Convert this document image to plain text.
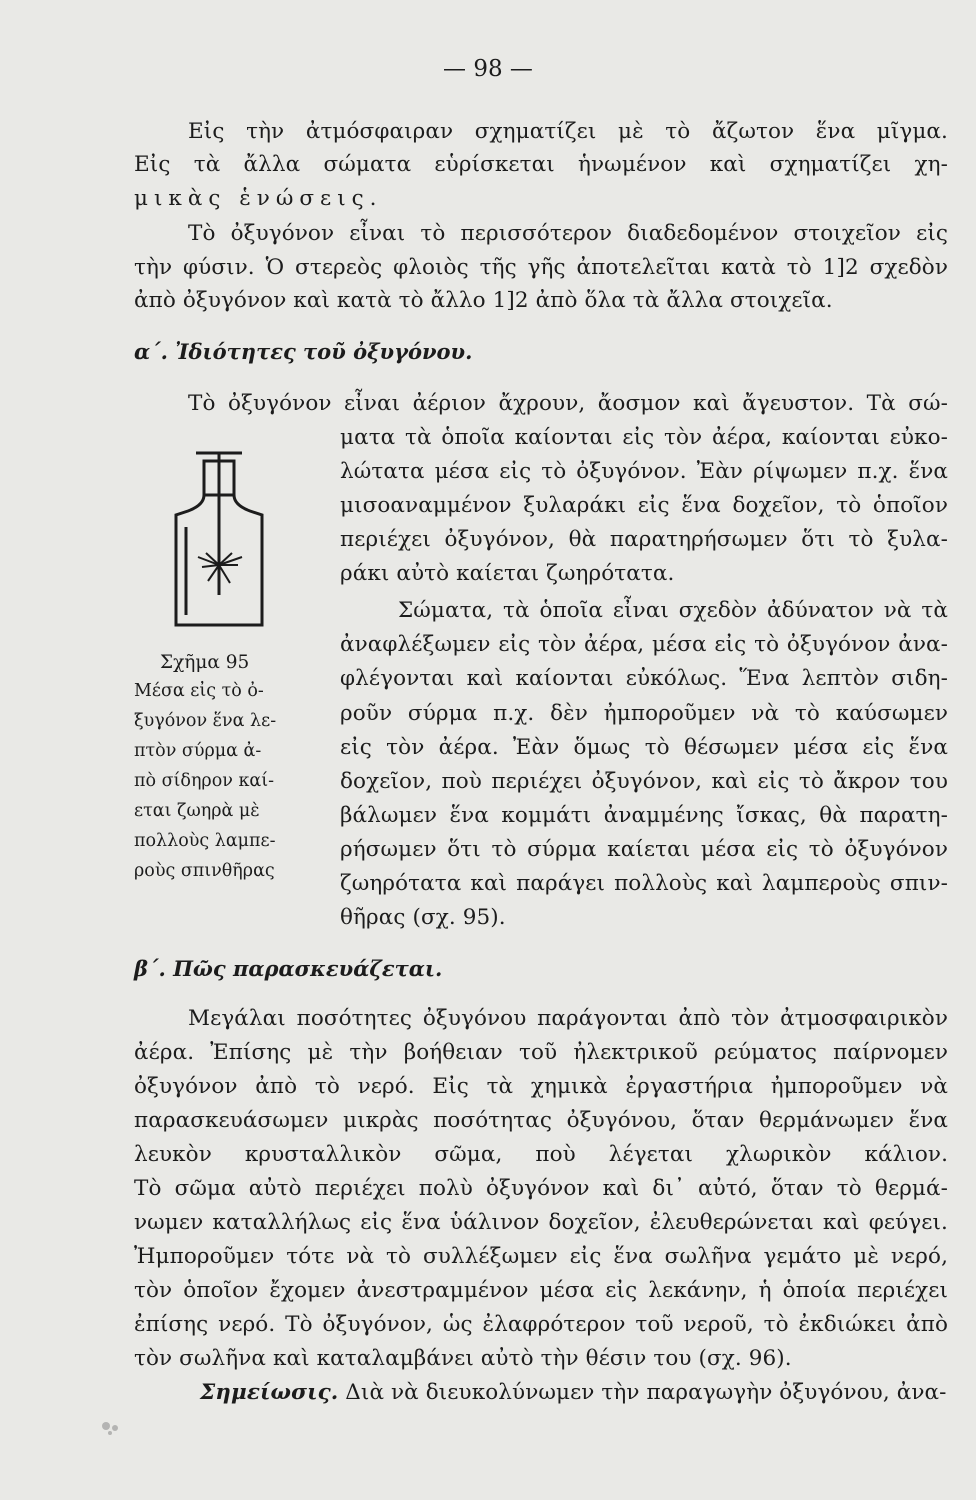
— 98 —
Εἰς τὴν ἀτμόσφαιραν σχηματίζει μὲ τὸ ἄζωτον ἕνα μῖγμα.
Εἰς τὰ ἄλλα σώματα εὑρίσκεται ἡνωμένον καὶ σχηματίζει χη-
μικὰς ἑνώσεις.
Τὸ ὀξυγόνον εἶναι τὸ περισσότερον διαδεδομένον στοιχεῖον εἰς
τὴν φύσιν. Ὁ στερεὸς φλοιὸς τῆς γῆς ἀποτελεῖται κατὰ τὸ 1]2 σχεδὸν
ἀπὸ ὀξυγόνον καὶ κατὰ τὸ ἄλλο 1]2 ἀπὸ ὅλα τὰ ἄλλα στοιχεῖα.
α΄. Ἰδιότητες τοῦ ὀξυγόνου.
Τὸ ὀξυγόνον εἶναι ἀέριον ἄχρουν, ἄοσμον καὶ ἄγευστον. Τὰ σώ-
ματα τὰ ὁποῖα καίονται εἰς τὸν ἀέρα, καίονται εὐκο-
λώτατα μέσα εἰς τὸ ὀξυγόνον. Ἐὰν ρίψωμεν π.χ. ἕνα
μισοαναμμένον ξυλαράκι εἰς ἕνα δοχεῖον, τὸ ὁποῖον
περιέχει ὀξυγόνον, θὰ παρατηρήσωμεν ὅτι τὸ ξυλα-
ράκι αὐτὸ καίεται ζωηρότατα.
Σώματα, τὰ ὁποῖα εἶναι σχεδὸν ἀδύνατον νὰ τὰ
ἀναφλέξωμεν εἰς τὸν ἀέρα, μέσα εἰς τὸ ὀξυγόνον ἀνα-
φλέγονται καὶ καίονται εὐκόλως. Ἕνα λεπτὸν σιδη-
ροῦν σύρμα π.χ. δὲν ἠμποροῦμεν νὰ τὸ καύσωμεν
εἰς τὸν ἀέρα. Ἐὰν ὅμως τὸ θέσωμεν μέσα εἰς ἕνα
δοχεῖον, ποὺ περιέχει ὀξυγόνον, καὶ εἰς τὸ ἄκρον του
βάλωμεν ἕνα κομμάτι ἀναμμένης ἴσκας, θὰ παρατη-
ρήσωμεν ὅτι τὸ σύρμα καίεται μέσα εἰς τὸ ὀξυγόνον
ζωηρότατα καὶ παράγει πολλοὺς καὶ λαμπεροὺς σπιν-
θῆρας (σχ. 95).
Σχῆμα 95
Μέσα εἰς τὸ ὀ-
ξυγόνον ἕνα λε-
πτὸν σύρμα ἀ-
πὸ σίδηρον καί-
εται ζωηρὰ μὲ
πολλοὺς λαμπε-
ροὺς σπινθῆρας
β΄. Πῶς παρασκευάζεται.
Μεγάλαι ποσότητες ὀξυγόνου παράγονται ἀπὸ τὸν ἀτμοσφαιρικὸν
ἀέρα. Ἐπίσης μὲ τὴν βοήθειαν τοῦ ἠλεκτρικοῦ ρεύματος παίρνομεν
ὀξυγόνον ἀπὸ τὸ νερό. Εἰς τὰ χημικὰ ἐργαστήρια ἠμποροῦμεν νὰ
παρασκευάσωμεν μικρὰς ποσότητας ὀξυγόνου, ὅταν θερμάνωμεν ἕνα
λευκὸν κρυσταλλικὸν σῶμα, ποὺ λέγεται χλωρικὸν κάλιον.
Τὸ σῶμα αὐτὸ περιέχει πολὺ ὀξυγόνον καὶ δι᾿ αὐτό, ὅταν τὸ θερμά-
νωμεν καταλλήλως εἰς ἕνα ὑάλινον δοχεῖον, ἐλευθερώνεται καὶ φεύγει.
Ἠμποροῦμεν τότε νὰ τὸ συλλέξωμεν εἰς ἕνα σωλῆνα γεμάτο μὲ νερό,
τὸν ὁποῖον ἔχομεν ἀνεστραμμένον μέσα εἰς λεκάνην, ἡ ὁποία περιέχει
ἐπίσης νερό. Τὸ ὀξυγόνον, ὡς ἐλαφρότερον τοῦ νεροῦ, τὸ ἐκδιώκει ἀπὸ
τὸν σωλῆνα καὶ καταλαμβάνει αὐτὸ τὴν θέσιν του (σχ. 96).
Σημείωσις. Διὰ νὰ διευκολύνωμεν τὴν παραγωγὴν ὀξυγόνου, ἀνα-
